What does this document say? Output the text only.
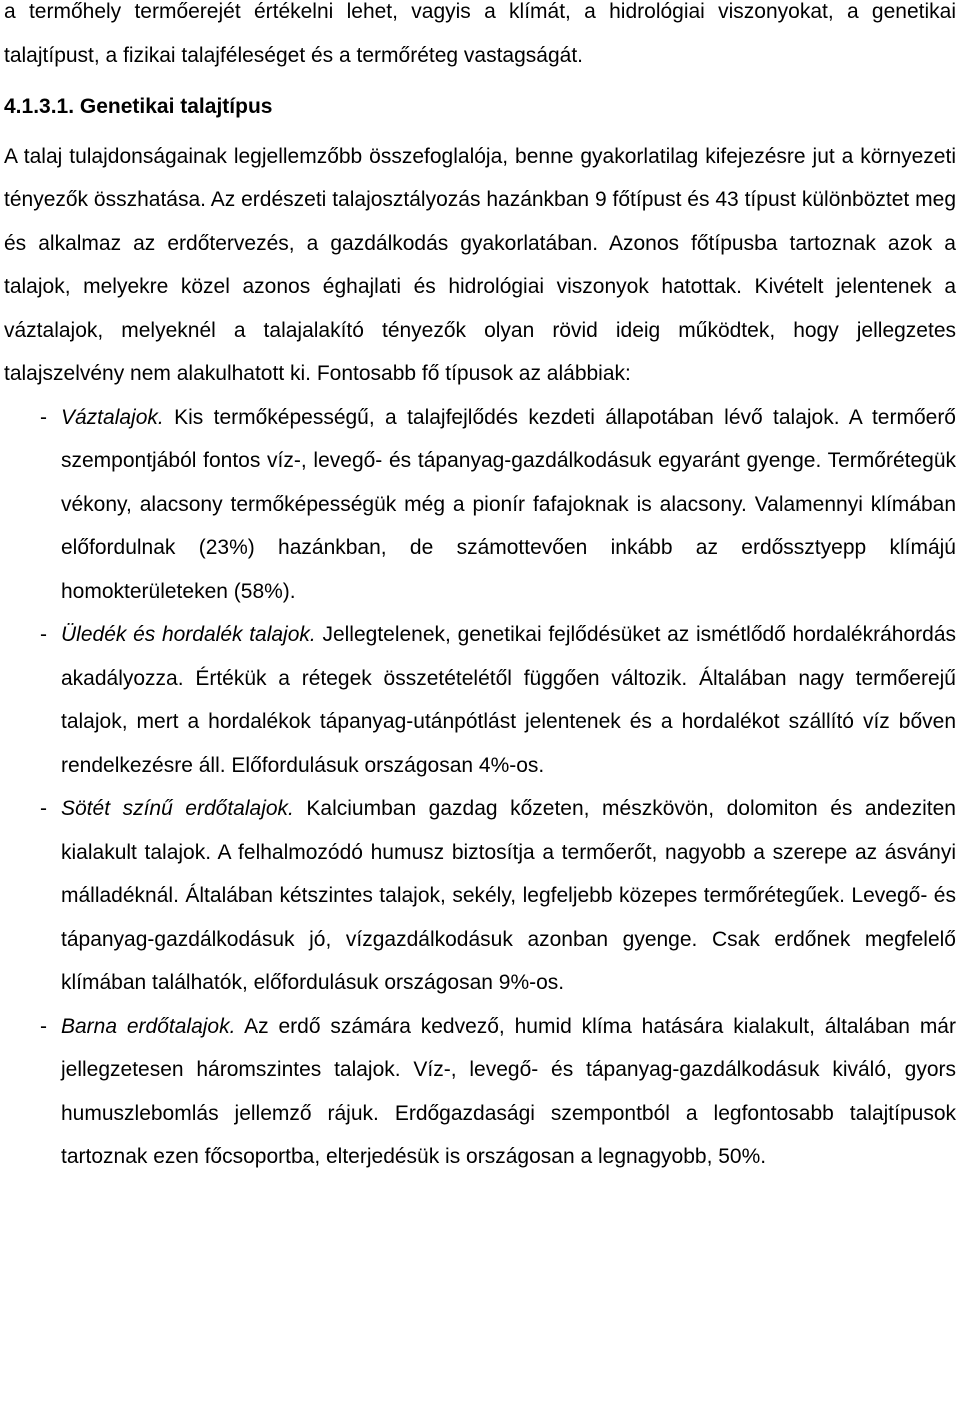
a termőhely termőerejét értékelni lehet, vagyis a klímát, a hidrológiai viszonyokat, a genetikai talajtípust, a fizikai talajféleséget és a termőréteg vastagságát.

4.1.3.1. Genetikai talajtípus

A talaj tulajdonságainak legjellemzőbb összefoglalója, benne gyakorlatilag kifejezésre jut a környezeti tényezők összhatása. Az erdészeti talajosztályozás hazánkban 9 főtípust és 43 típust különböztet meg és alkalmaz az erdőtervezés, a gazdálkodás gyakorlatában. Azonos főtípusba tartoznak azok a talajok, melyekre közel azonos éghajlati és hidrológiai viszonyok hatottak. Kivételt jelentenek a váztalajok, melyeknél a talajalakító tényezők olyan rövid ideig működtek, hogy jellegzetes talajszelvény nem alakulhatott ki. Fontosabb fő típusok az alábbiak:

- Váztalajok. Kis termőképességű, a talajfejlődés kezdeti állapotában lévő talajok. A termőerő szempontjából fontos víz-, levegő- és tápanyag-gazdálkodásuk egyaránt gyenge. Termőrétegük vékony, alacsony termőképességük még a pionír fafajoknak is alacsony. Valamennyi klímában előfordulnak (23%) hazánkban, de számottevően inkább az erdőssztyepp klímájú homokterületeken (58%).
- Üledék és hordalék talajok. Jellegtelenek, genetikai fejlődésüket az ismétlődő hordalékráhordás akadályozza. Értékük a rétegek összetételétől függően változik. Általában nagy termőerejű talajok, mert a hordalékok tápanyag-utánpótlást jelentenek és a hordalékot szállító víz bőven rendelkezésre áll. Előfordulásuk országosan 4%-os.
- Sötét színű erdőtalajok. Kalciumban gazdag kőzeten, mészkövön, dolomiton és andeziten kialakult talajok. A felhalmozódó humusz biztosítja a termőerőt, nagyobb a szerepe az ásványi málladéknál. Általában kétszintes talajok, sekély, legfeljebb közepes termőrétegűek. Levegő- és tápanyag-gazdálkodásuk jó, vízgazdálkodásuk azonban gyenge. Csak erdőnek megfelelő klímában találhatók, előfordulásuk országosan 9%-os.
- Barna erdőtalajok. Az erdő számára kedvező, humid klíma hatására kialakult, általában már jellegzetesen háromszintes talajok. Víz-, levegő- és tápanyag-gazdálkodásuk kiváló, gyors humuszlebomlás jellemző rájuk. Erdőgazdasági szempontból a legfontosabb talajtípusok tartoznak ezen főcsoportba, elterjedésük is országosan a legnagyobb, 50%.
